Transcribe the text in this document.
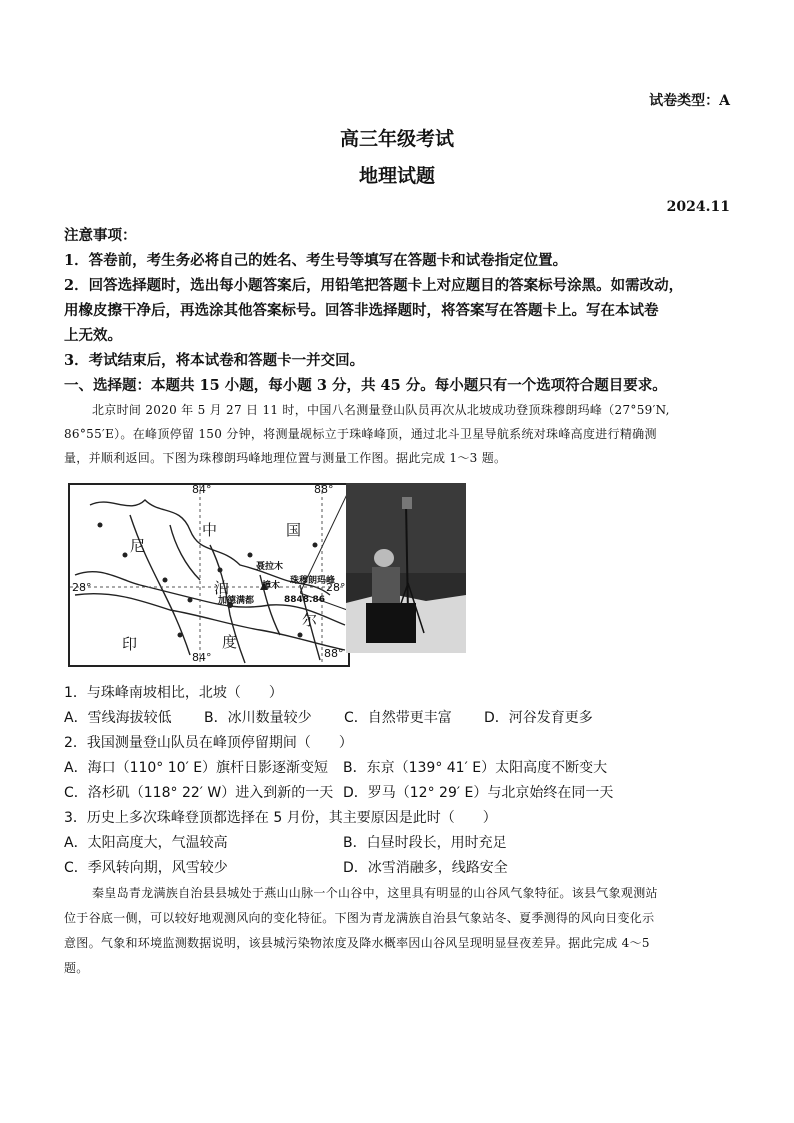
试卷类型：A
高三年级考试
地理试题
2024.11
注意事项：
1．答卷前，考生务必将自己的姓名、考生号等填写在答题卡和试卷指定位置。
2．回答选择题时，选出每小题答案后，用铅笔把答题卡上对应题目的答案标号涂黑。如需改动，
用橡皮擦干净后，再选涂其他答案标号。回答非选择题时，将答案写在答题卡上。写在本试卷
上无效。
3．考试结束后，将本试卷和答题卡一并交回。
一、选择题：本题共 15 小题，每小题 3 分，共 45 分。每小题只有一个选项符合题目要求。
北京时间 2020 年 5 月 27 日 11 时，中国八名测量登山队员再次从北坡成功登顶珠穆朗玛峰（27°59′N,
86°55′E）。在峰顶停留 150 分钟，将测量觇标立于珠峰峰顶，通过北斗卫星导航系统对珠峰高度进行精确测
量，并顺利返回。下图为珠穆朗玛峰地理位置与测量工作图。据此完成 1～3 题。
84°	88°
84°	88°
28°	28°
中	国
尼
泊
尔
印	度
聂拉木
樟木
加德满都
珠穆朗玛峰
8848.86
1．与珠峰南坡相比，北坡（　　）
A．雪线海拔较低 B．冰川数量较少 C．自然带更丰富 D．河谷发育更多
2．我国测量登山队员在峰顶停留期间（　　）
A．海口（110° 10′ E）旗杆日影逐渐变短 B．东京（139° 41′ E）太阳高度不断变大
C．洛杉矶（118° 22′ W）进入到新的一天 D．罗马（12° 29′ E）与北京始终在同一天
3．历史上多次珠峰登顶都选择在 5 月份，其主要原因是此时（　　）
A．太阳高度大，气温较高	B．白昼时段长，用时充足
C．季风转向期，风雪较少	D．冰雪消融多，线路安全
秦皇岛青龙满族自治县县城处于燕山山脉一个山谷中，这里具有明显的山谷风气象特征。该县气象观测站
位于谷底一侧，可以较好地观测风向的变化特征。下图为青龙满族自治县气象站冬、夏季测得的风向日变化示
意图。气象和环境监测数据说明，该县城污染物浓度及降水概率因山谷风呈现明显昼夜差异。据此完成 4～5
题。
